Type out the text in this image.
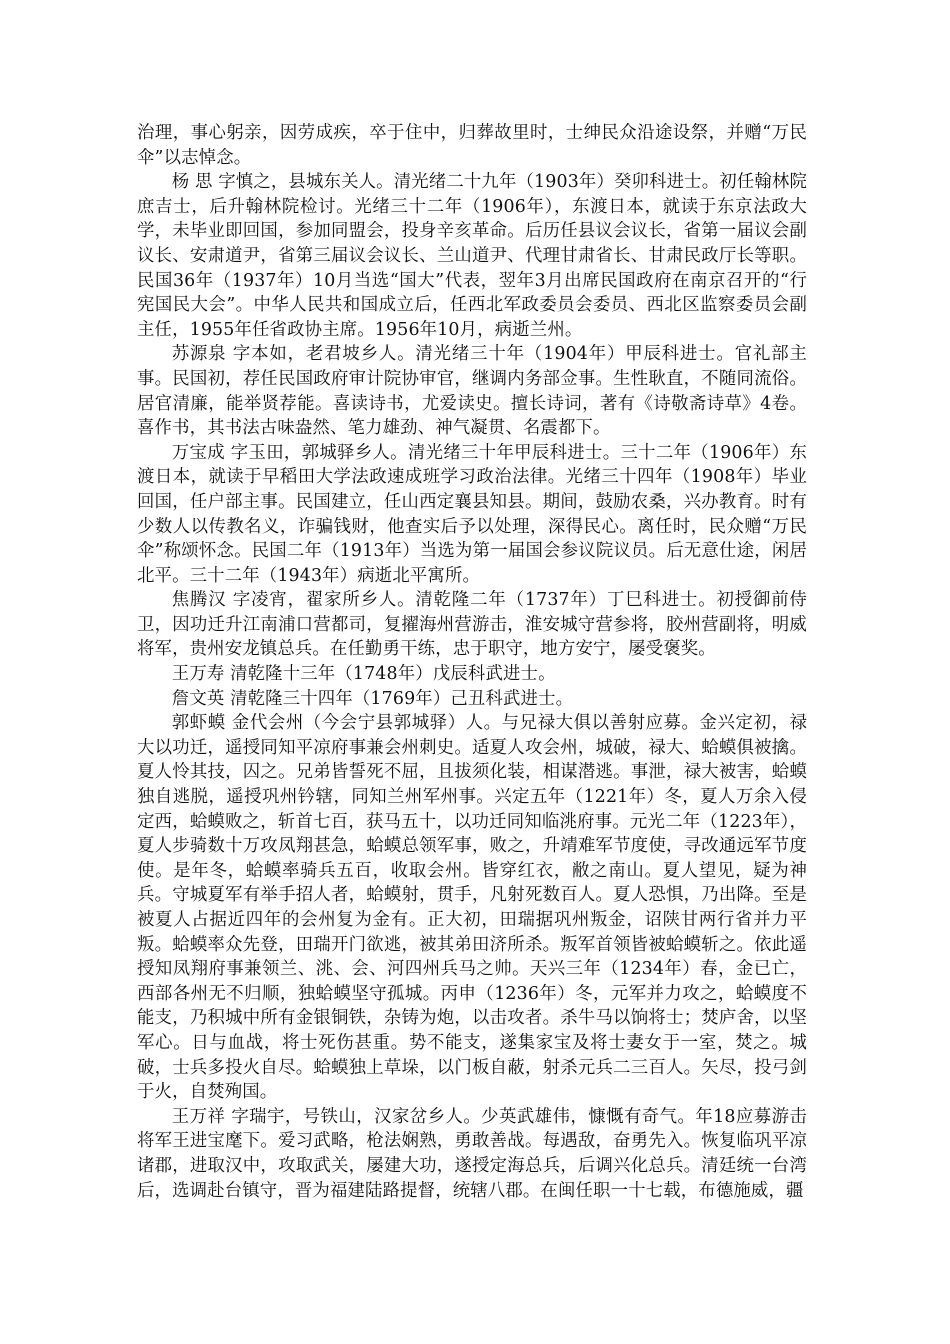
治理，事心躬亲，因劳成疾，卒于住中，归葬故里时，士绅民众沿途设祭，并赠“万民伞”以志悼念。

杨 思 字慎之，县城东关人。清光绪二十九年（1903年）癸卯科进士。初任翰林院庶吉士，后升翰林院检讨。光绪三十二年（1906年），东渡日本，就读于东京法政大学，未毕业即回国，参加同盟会，投身辛亥革命。后历任县议会议长，省第一届议会副议长、安肃道尹，省第三届议会议长、兰山道尹、代理甘肃省长、甘肃民政厅长等职。民国36年（1937年）10月当选“国大”代表，翌年3月出席民国政府在南京召开的“行宪国民大会”。中华人民共和国成立后，任西北军政委员会委员、西北区监察委员会副主任，1955年任省政协主席。1956年10月，病逝兰州。

苏源泉 字本如，老君坡乡人。清光绪三十年（1904年）甲辰科进士。官礼部主事。民国初，荐任民国政府审计院协审官，继调内务部佥事。生性耿直，不随同流俗。居官清廉，能举贤荐能。喜读诗书，尤爱读史。擅长诗词，著有《诗敬斋诗草》4卷。喜作书，其书法古味盎然、笔力雄劲、神气凝贯、名震都下。

万宝成 字玉田，郭城驿乡人。清光绪三十年甲辰科进士。三十二年（1906年）东渡日本，就读于早稻田大学法政速成班学习政治法律。光绪三十四年（1908年）毕业回国，任户部主事。民国建立，任山西定襄县知县。期间，鼓励农桑，兴办教育。时有少数人以传教名义，诈骗钱财，他查实后予以处理，深得民心。离任时，民众赠“万民伞”称颂怀念。民国二年（1913年）当选为第一届国会参议院议员。后无意仕途，闲居北平。三十二年（1943年）病逝北平寓所。

焦腾汉 字凌宵，翟家所乡人。清乾隆二年（1737年）丁巳科进士。初授御前侍卫，因功迁升江南浦口营都司，复擢海州营游击，淮安城守营参将，胶州营副将，明威将军，贵州安龙镇总兵。在任勤勇干练，忠于职守，地方安宁，屡受褒奖。

王万寿 清乾隆十三年（1748年）戊辰科武进士。

詹文英 清乾隆三十四年（1769年）己丑科武进士。

郭虾蟆 金代会州（今会宁县郭城驿）人。与兄禄大俱以善射应募。金兴定初，禄大以功迁，遥授同知平凉府事兼会州刺史。适夏人攻会州，城破，禄大、蛤蟆俱被擒。夏人怜其技，囚之。兄弟皆誓死不屈，且拔须化装，相谋潜逃。事泄，禄大被害，蛤蟆独自逃脱，遥授巩州钤辖，同知兰州军州事。兴定五年（1221年）冬，夏人万余入侵定西，蛤蟆败之，斩首七百，获马五十，以功迁同知临洮府事。元光二年（1223年），夏人步骑数十万攻凤翔甚急，蛤蟆总领军事，败之，升靖难军节度使，寻改通远军节度使。是年冬，蛤蟆率骑兵五百，收取会州。皆穿红衣，敝之南山。夏人望见，疑为神兵。守城夏军有举手招人者，蛤蟆射，贯手，凡射死数百人。夏人恐惧，乃出降。至是被夏人占据近四年的会州复为金有。正大初，田瑞据巩州叛金，诏陕甘两行省并力平叛。蛤蟆率众先登，田瑞开门欲逃，被其弟田济所杀。叛军首领皆被蛤蟆斩之。依此遥授知凤翔府事兼领兰、洮、会、河四州兵马之帅。天兴三年（1234年）春，金已亡，西部各州无不归顺，独蛤蟆坚守孤城。丙申（1236年）冬，元军并力攻之，蛤蟆度不能支，乃积城中所有金银铜铁，杂铸为炮，以击攻者。杀牛马以饷将士；焚庐舍，以坚军心。日与血战，将士死伤甚重。势不能支，遂集家宝及将士妻女于一室，焚之。城破，士兵多投火自尽。蛤蟆独上草垛，以门板自蔽，射杀元兵二三百人。矢尽，投弓剑于火，自焚殉国。

王万祥 字瑞宇，号铁山，汉家岔乡人。少英武雄伟，慷慨有奇气。年18应募游击将军王进宝麾下。爱习武略，枪法娴熟，勇敢善战。每遇敌，奋勇先入。恢复临巩平凉诸郡，进取汉中，攻取武关，屡建大功，遂授定海总兵，后调兴化总兵。清廷统一台湾后，选调赴台镇守，晋为福建陆路提督，统辖八郡。在闽任职一十七载，布德施威，疆
